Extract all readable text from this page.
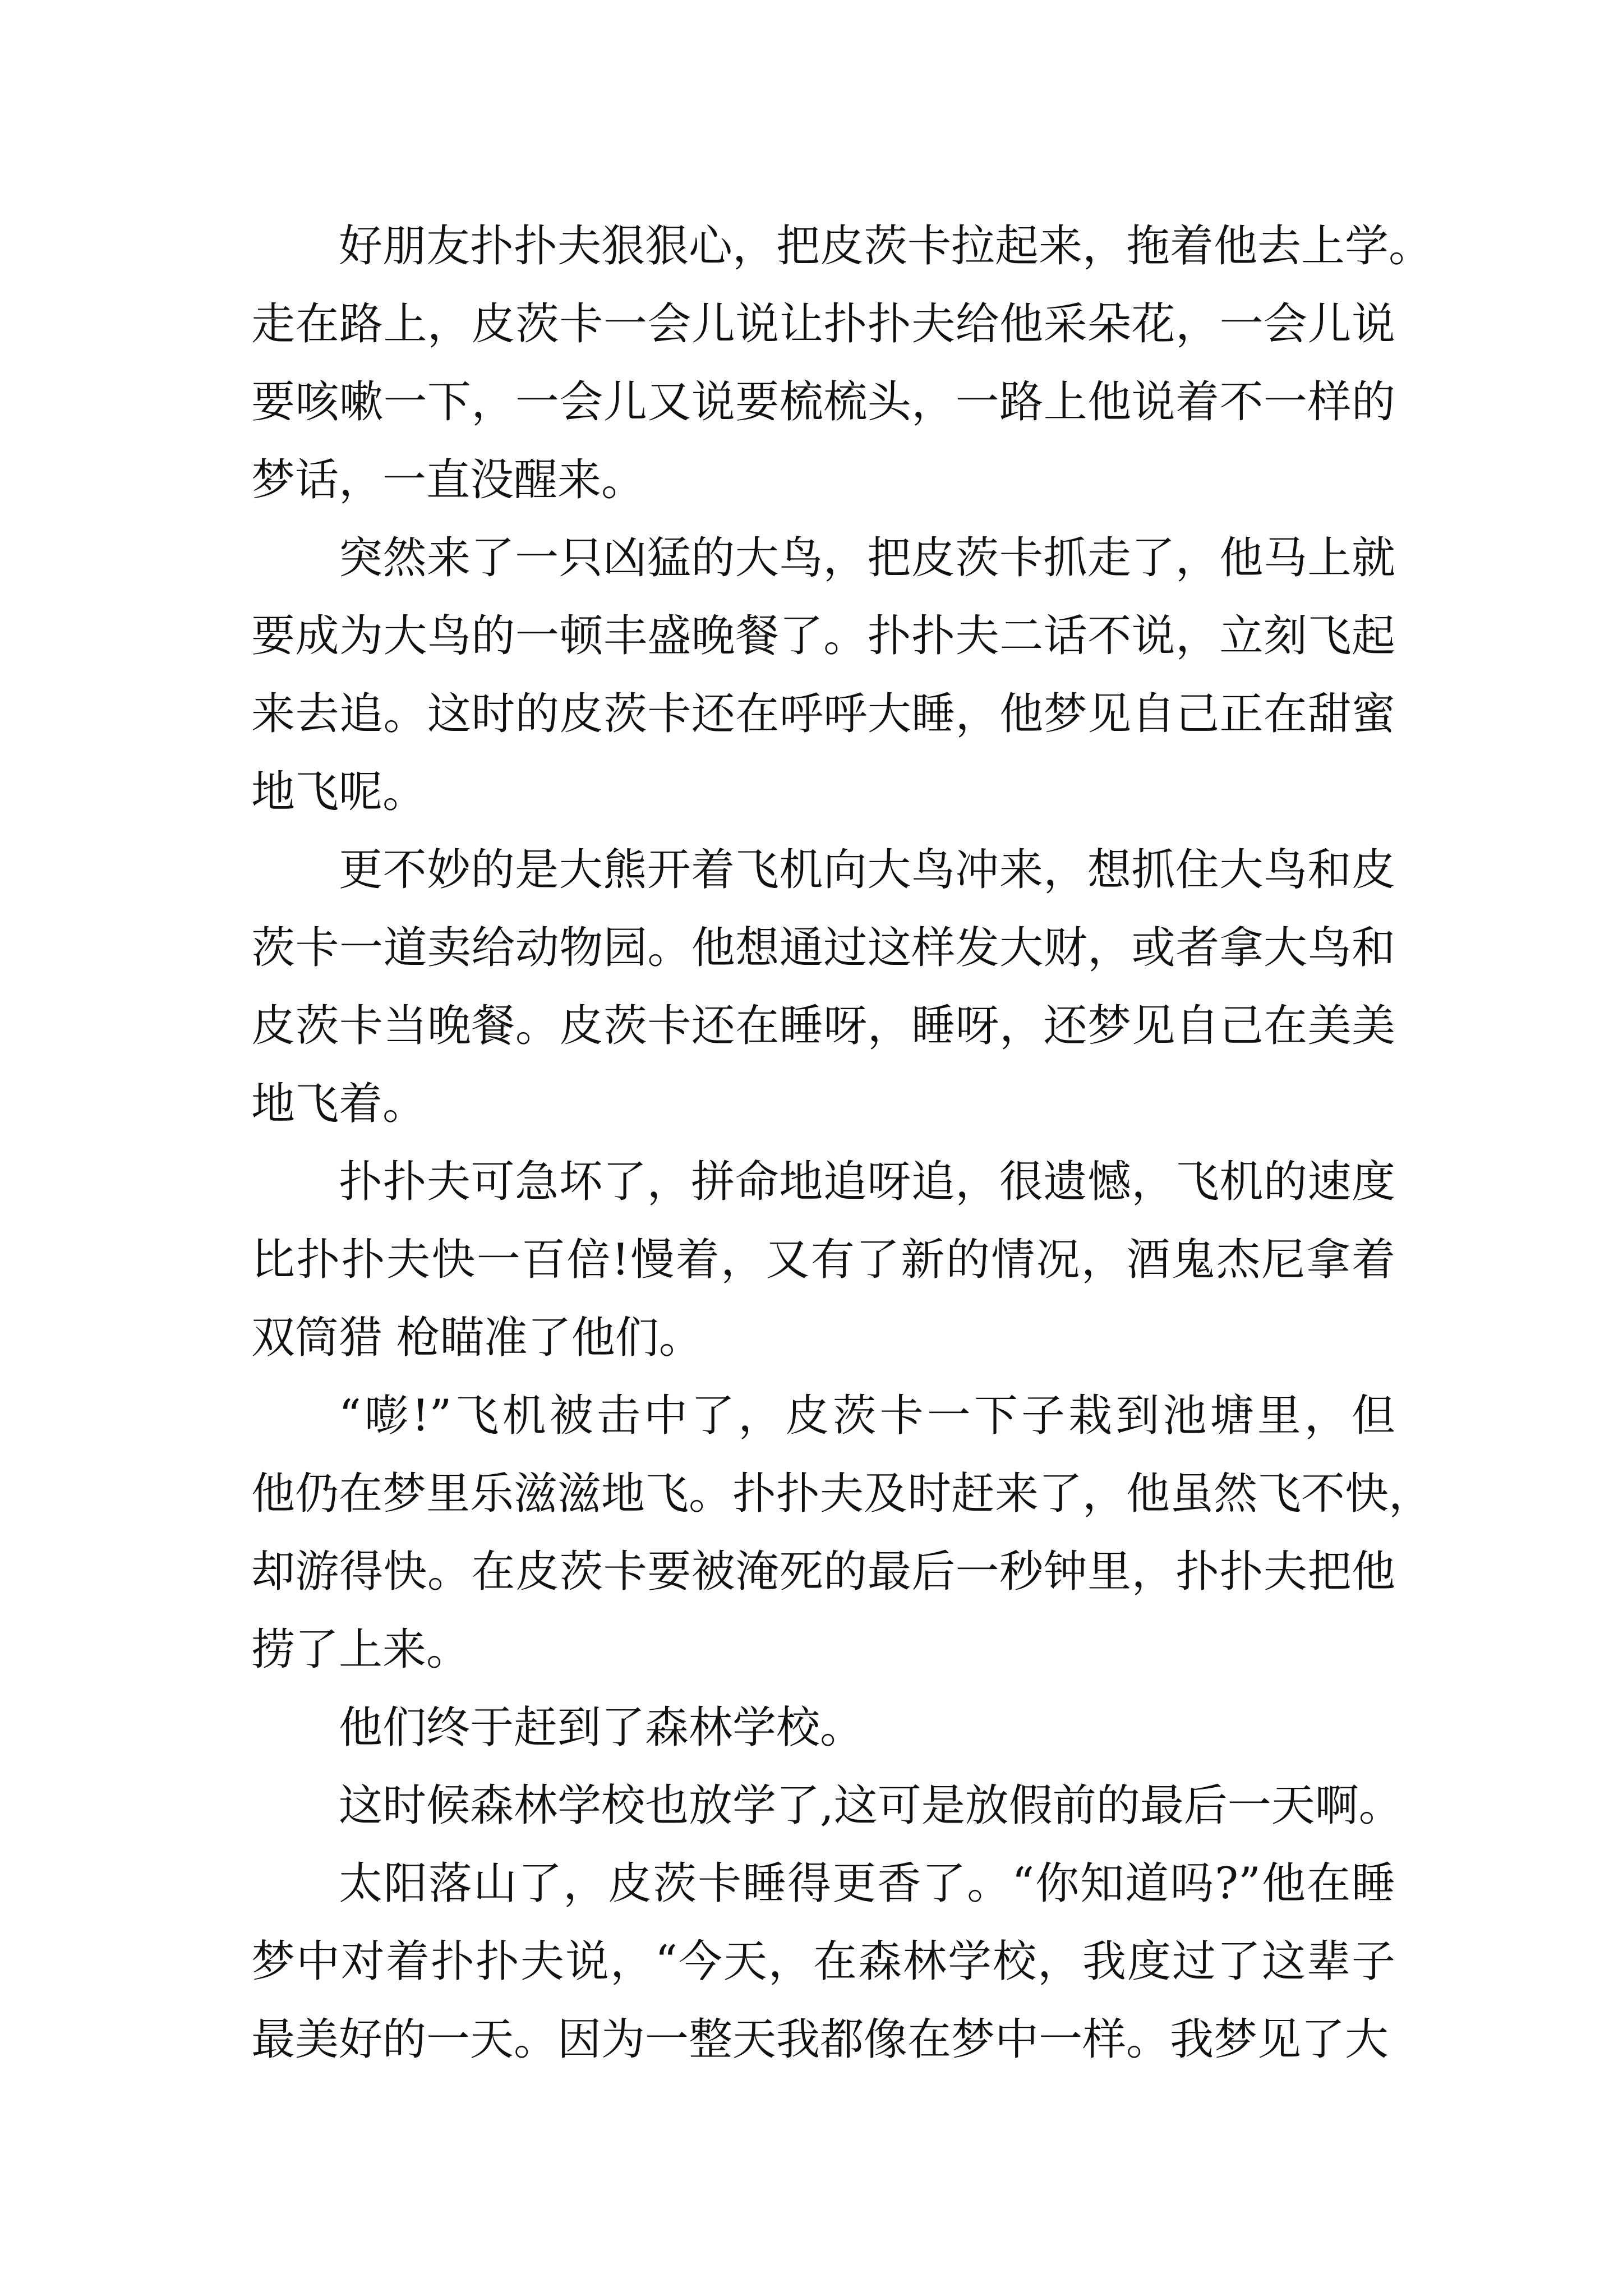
好朋友扑扑夫狠狠心，把皮茨卡拉起来，拖着他去上学。
走在路上，皮茨卡一会儿说让扑扑夫给他采朵花，一会儿说
要咳嗽一下，一会儿又说要梳梳头，一路上他说着不一样的
梦话，一直没醒来。
突然来了一只凶猛的大鸟，把皮茨卡抓走了，他马上就
要成为大鸟的一顿丰盛晚餐了。扑扑夫二话不说，立刻飞起
来去追。这时的皮茨卡还在呼呼大睡，他梦见自己正在甜蜜
地飞呢。
更不妙的是大熊开着飞机向大鸟冲来，想抓住大鸟和皮
茨卡一道卖给动物园。他想通过这样发大财，或者拿大鸟和
皮茨卡当晚餐。皮茨卡还在睡呀，睡呀，还梦见自己在美美
地飞着。
扑扑夫可急坏了，拼命地追呀追，很遗憾，飞机的速度
比扑扑夫快一百倍!慢着，又有了新的情况，酒鬼杰尼拿着
双筒猎 枪瞄准了他们。
“嘭!”飞机被击中了，皮茨卡一下子栽到池塘里，但
他仍在梦里乐滋滋地飞。扑扑夫及时赶来了，他虽然飞不快，
却游得快。在皮茨卡要被淹死的最后一秒钟里，扑扑夫把他
捞了上来。
他们终于赶到了森林学校。
这时候森林学校也放学了,这可是放假前的最后一天啊。
太阳落山了，皮茨卡睡得更香了。“你知道吗?”他在睡
梦中对着扑扑夫说，“今天，在森林学校，我度过了这辈子
最美好的一天。因为一整天我都像在梦中一样。我梦见了大
